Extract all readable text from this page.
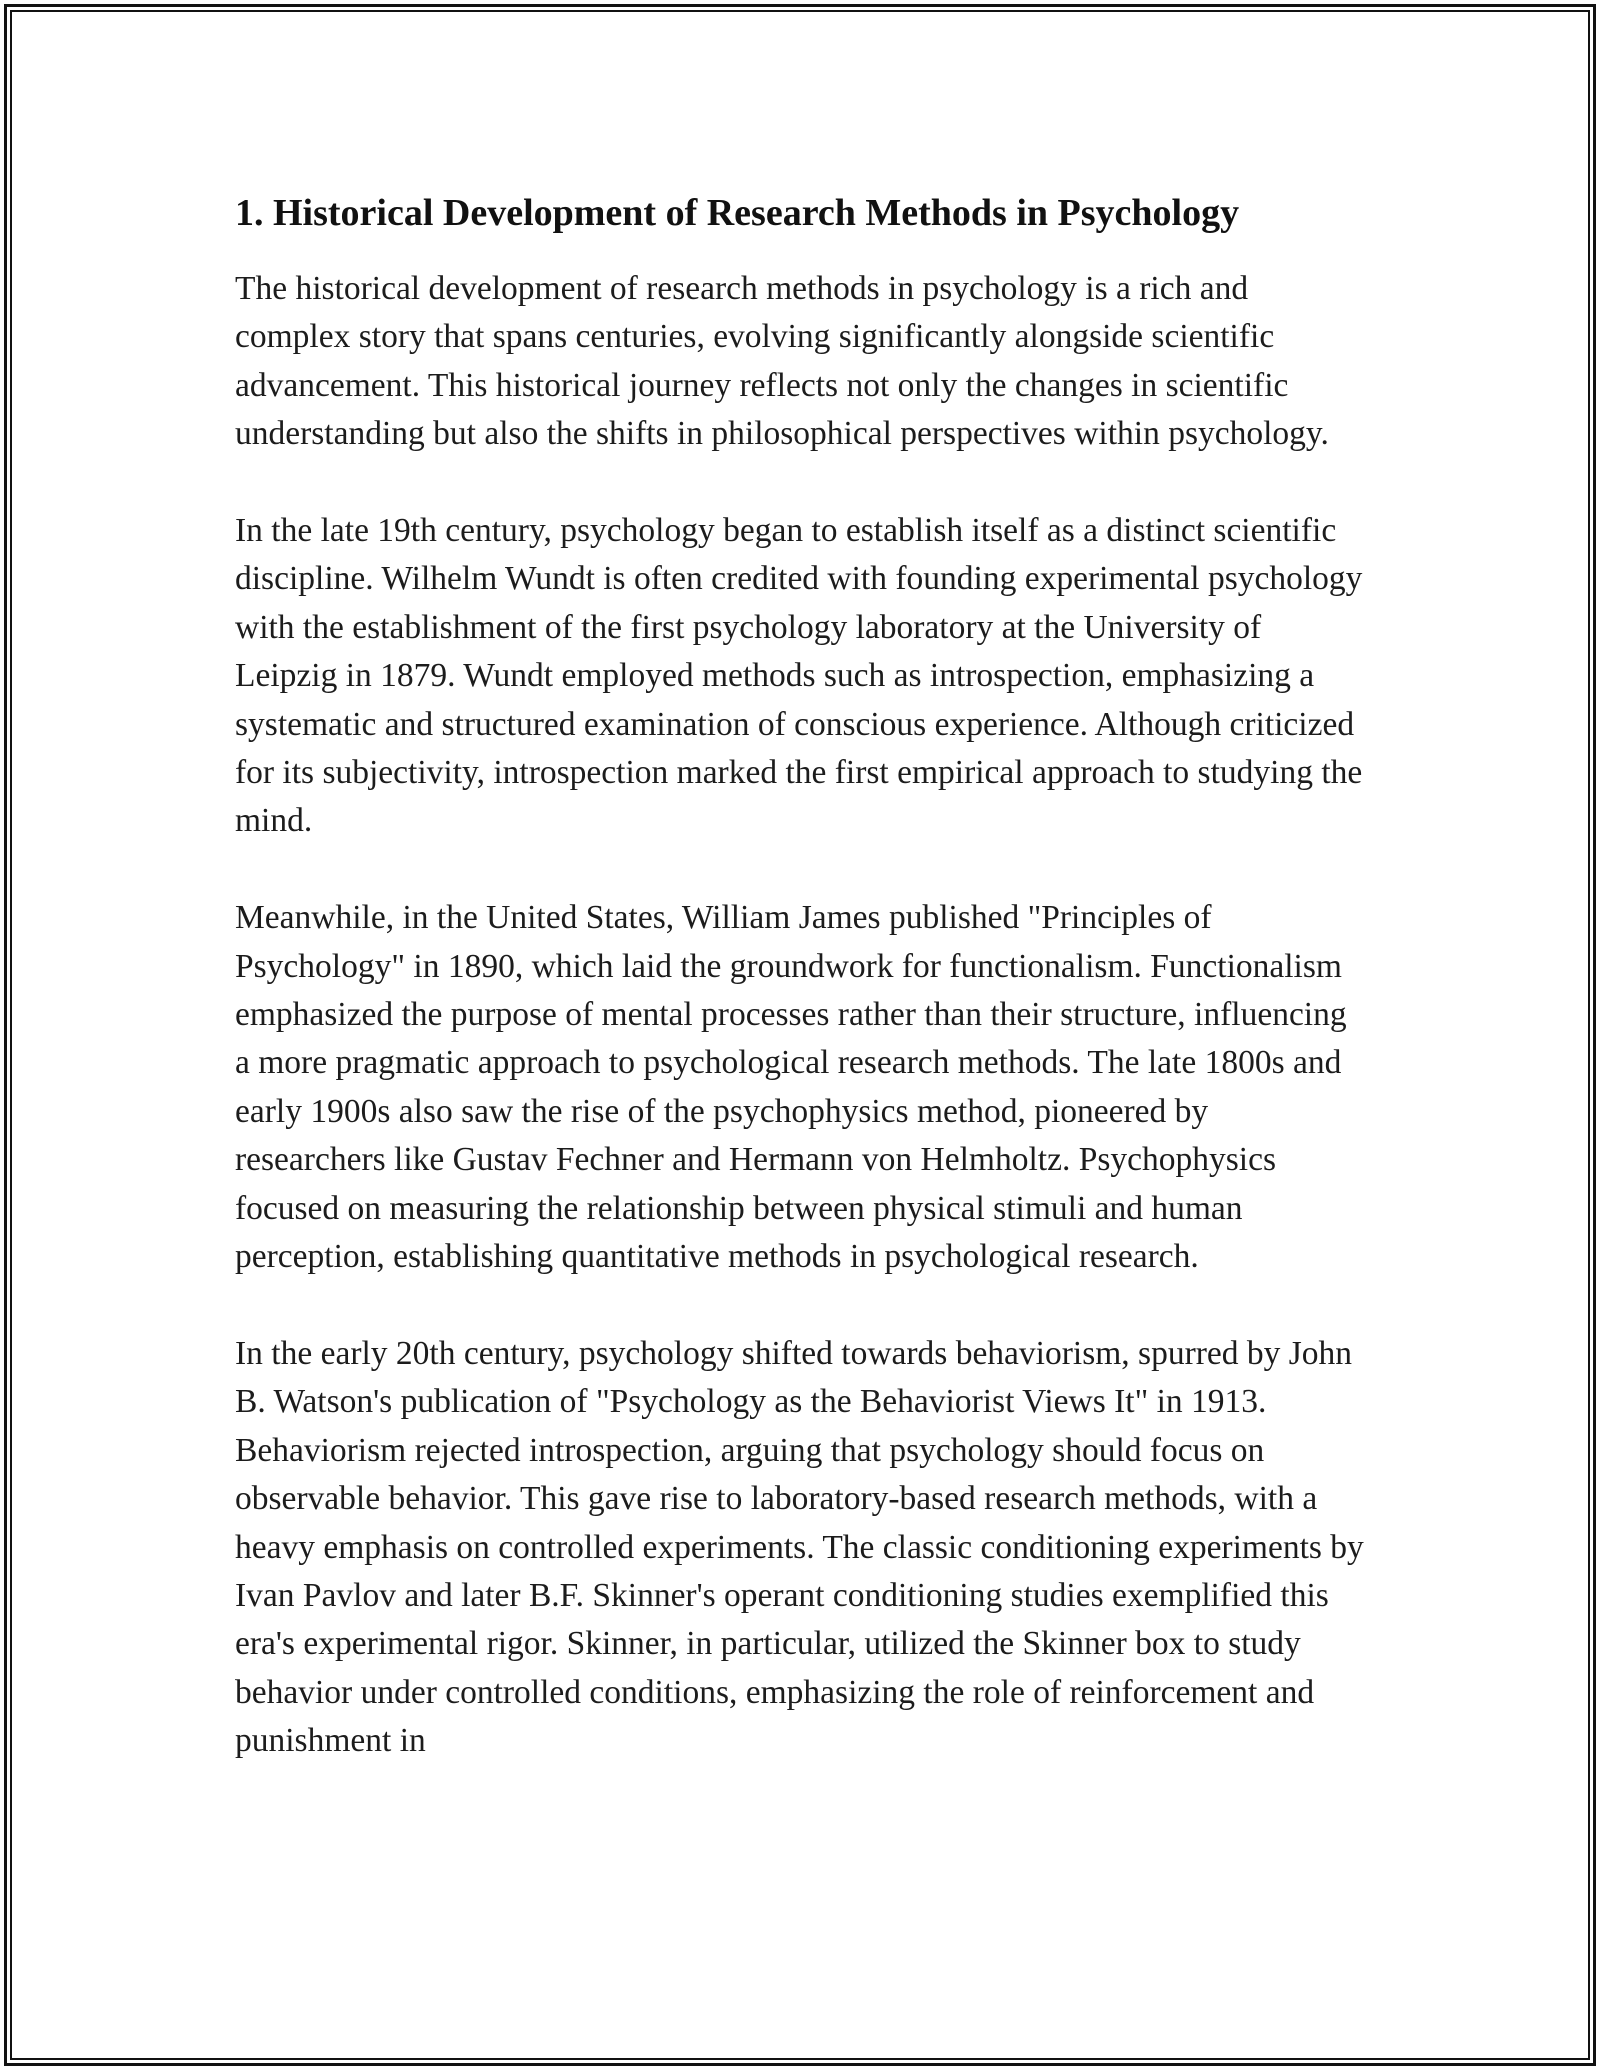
1. Historical Development of Research Methods in Psychology

The historical development of research methods in psychology is a rich and complex story that spans centuries, evolving significantly alongside scientific advancement. This historical journey reflects not only the changes in scientific understanding but also the shifts in philosophical perspectives within psychology.

In the late 19th century, psychology began to establish itself as a distinct scientific discipline. Wilhelm Wundt is often credited with founding experimental psychology with the establishment of the first psychology laboratory at the University of Leipzig in 1879. Wundt employed methods such as introspection, emphasizing a systematic and structured examination of conscious experience. Although criticized for its subjectivity, introspection marked the first empirical approach to studying the mind.

Meanwhile, in the United States, William James published "Principles of Psychology" in 1890, which laid the groundwork for functionalism. Functionalism emphasized the purpose of mental processes rather than their structure, influencing a more pragmatic approach to psychological research methods. The late 1800s and early 1900s also saw the rise of the psychophysics method, pioneered by researchers like Gustav Fechner and Hermann von Helmholtz. Psychophysics focused on measuring the relationship between physical stimuli and human perception, establishing quantitative methods in psychological research.

In the early 20th century, psychology shifted towards behaviorism, spurred by John B. Watson's publication of "Psychology as the Behaviorist Views It" in 1913. Behaviorism rejected introspection, arguing that psychology should focus on observable behavior. This gave rise to laboratory-based research methods, with a heavy emphasis on controlled experiments. The classic conditioning experiments by Ivan Pavlov and later B.F. Skinner's operant conditioning studies exemplified this era's experimental rigor. Skinner, in particular, utilized the Skinner box to study behavior under controlled conditions, emphasizing the role of reinforcement and punishment in
